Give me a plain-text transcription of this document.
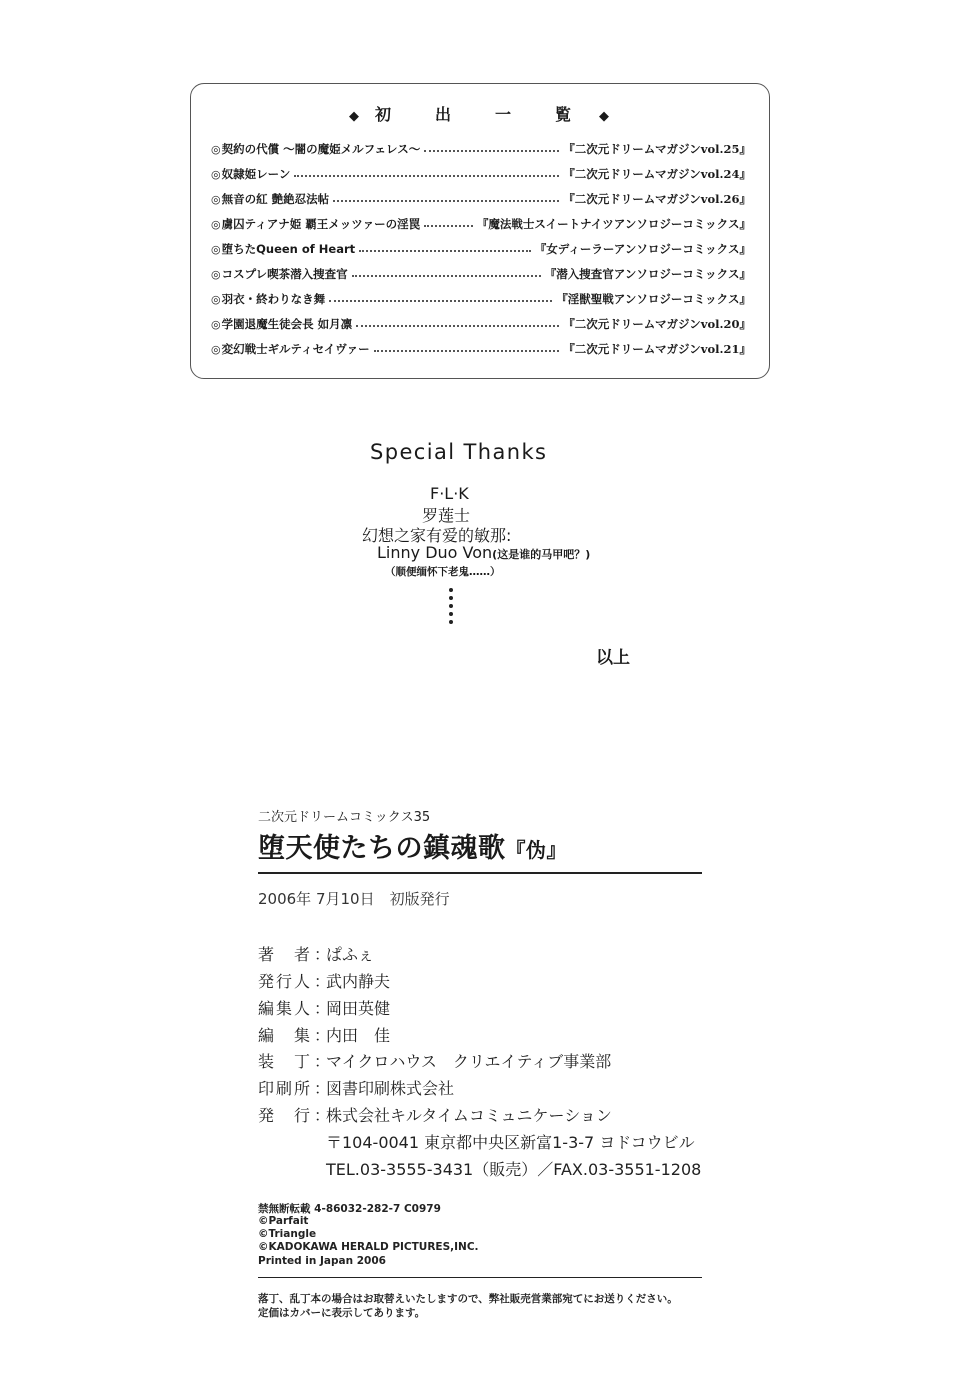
◆ 初　出　一　覧 ◆
◎ 契約の代償 〜闇の魔姫メルフェレス〜	『二次元ドリームマガジンvol.25』
◎ 奴隷姫レーン	『二次元ドリームマガジンvol.24』
◎ 無音の紅 艶絶忍法帖	『二次元ドリームマガジンvol.26』
◎ 虜囚ティアナ姫 覇王メッツァーの淫罠	『魔法戦士スイートナイツアンソロジーコミックス』
◎ 堕ちたQueen of Heart	『女ディーラーアンソロジーコミックス』
◎ コスプレ喫茶潜入捜査官	『潜入捜査官アンソロジーコミックス』
◎ 羽衣・終わりなき舞	『淫獣聖戦アンソロジーコミックス』
◎ 学園退魔生徒会長 如月凛	『二次元ドリームマガジンvol.20』
◎ 変幻戦士ギルティセイヴァー	『二次元ドリームマガジンvol.21』
Special Thanks
F·L·K
罗莲士
幻想之家有爱的敏那:
Linny Duo Von(这是谁的马甲吧？)
（顺便缅怀下老鬼……）
以上
二次元ドリームコミックス35
堕天使たちの鎮魂歌『伪』
2006年 7月10日　初版発行
著　者 ：
ぱふぇ
発行人 ：
武内静夫
編集人 ：
岡田英健
編　集 ：
内田　佳
装　丁 ：
マイクロハウス　クリエイティブ事業部
印刷所 ：
図書印刷株式会社
発　行 ：
株式会社キルタイムコミュニケーション
〒104-0041 東京都中央区新富1-3-7 ヨドコウビル
TEL.03-3555-3431（販売）／FAX.03-3551-1208
禁無断転載 4-86032-282-7 C0979
©Parfait
©Triangle
©KADOKAWA HERALD PICTURES,INC.
Printed in Japan 2006
落丁、乱丁本の場合はお取替えいたしますので、弊社販売営業部宛てにお送りください。
定価はカバーに表示してあります。
